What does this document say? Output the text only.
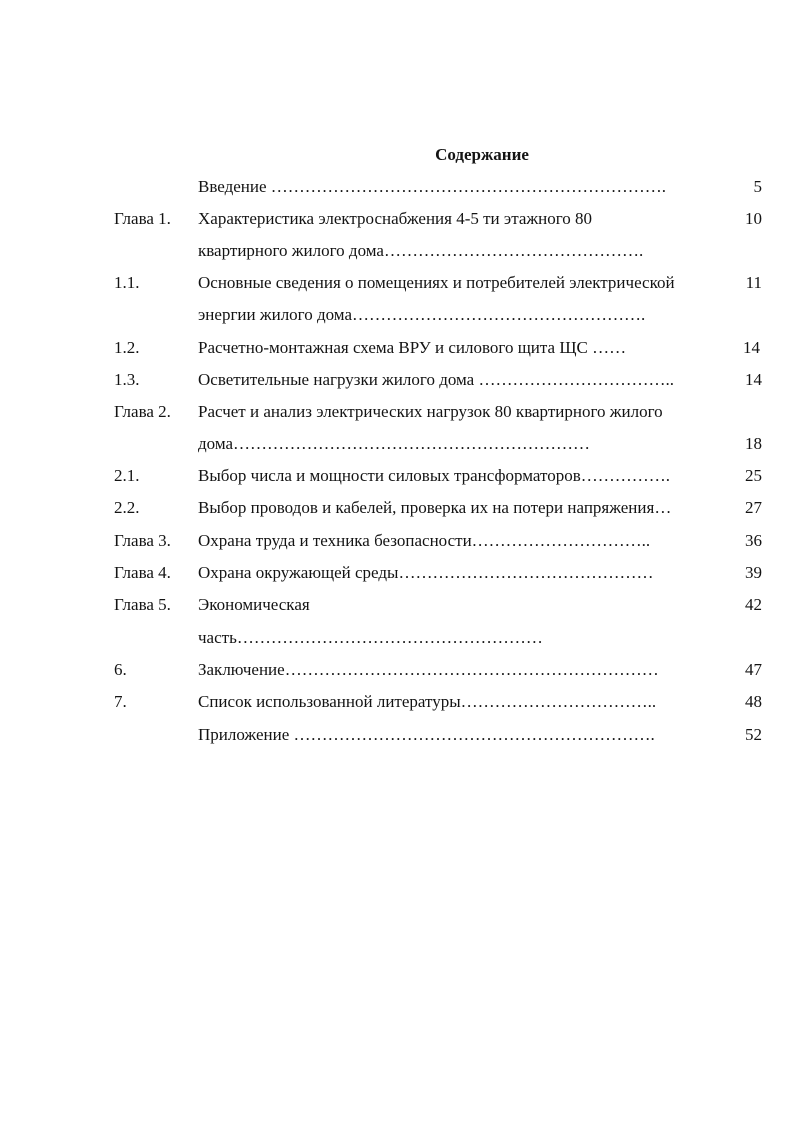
Содержание
Введение …………………………………………………………….	5
Глава 1. Характеристика электроснабжения 4-5 ти этажного 80	10
квартирного жилого дома……………………………………….
1.1.	Основные сведения о помещениях и потребителей электрической	11
энергии жилого дома…………………………………………….
1.2.	Расчетно-монтажная схема ВРУ и силового щита ЩС ……	14
1.3.	Осветительные нагрузки жилого дома ……………………………..	14
Глава 2. Расчет и анализ электрических нагрузок 80 квартирного жилого
дома………………………………………………………	18
2.1.	Выбор числа и мощности силовых трансформаторов…………….	25
2.2.	Выбор проводов и кабелей, проверка их на потери напряжения…	27
Глава 3. Охрана труда и техника безопасности…………………………..	36
Глава 4. Охрана окружающей среды………………………………………	39
Глава 5. Экономическая	42
часть………………………………………………
6.	Заключение…………………………………………………………	47
7.	Список использованной литературы……………………………..	48
Приложение ……………………………………………………….	52
